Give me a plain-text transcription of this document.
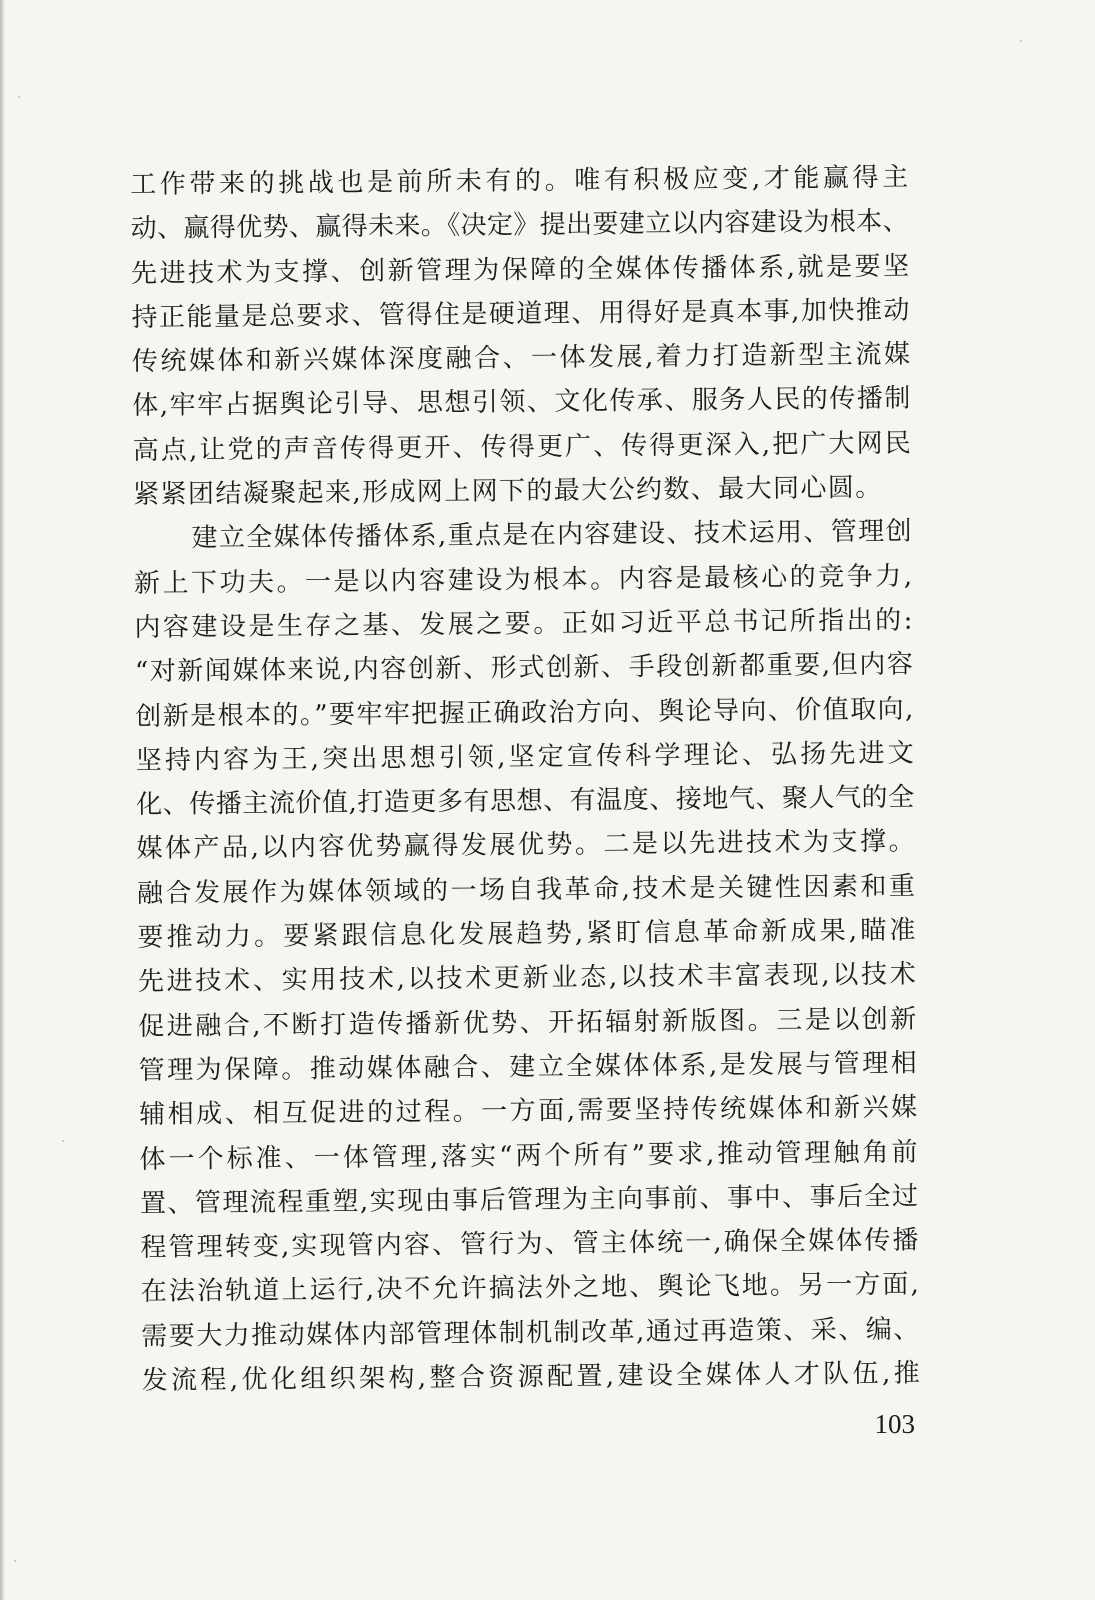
工作带来的挑战也是前所未有的。唯有积极应变,才能赢得主
动、赢得优势、赢得未来。《决定》提出要建立以内容建设为根本、
先进技术为支撑、创新管理为保障的全媒体传播体系,就是要坚
持正能量是总要求、管得住是硬道理、用得好是真本事,加快推动
传统媒体和新兴媒体深度融合、一体发展,着力打造新型主流媒
体,牢牢占据舆论引导、思想引领、文化传承、服务人民的传播制
高点,让党的声音传得更开、传得更广、传得更深入,把广大网民
紧紧团结凝聚起来,形成网上网下的最大公约数、最大同心圆。
建立全媒体传播体系,重点是在内容建设、技术运用、管理创
新上下功夫。一是以内容建设为根本。内容是最核心的竞争力,
内容建设是生存之基、发展之要。正如习近平总书记所指出的:
“对新闻媒体来说,内容创新、形式创新、手段创新都重要,但内容
创新是根本的。”要牢牢把握正确政治方向、舆论导向、价值取向,
坚持内容为王,突出思想引领,坚定宣传科学理论、弘扬先进文
化、传播主流价值,打造更多有思想、有温度、接地气、聚人气的全
媒体产品,以内容优势赢得发展优势。二是以先进技术为支撑。
融合发展作为媒体领域的一场自我革命,技术是关键性因素和重
要推动力。要紧跟信息化发展趋势,紧盯信息革命新成果,瞄准
先进技术、实用技术,以技术更新业态,以技术丰富表现,以技术
促进融合,不断打造传播新优势、开拓辐射新版图。三是以创新
管理为保障。推动媒体融合、建立全媒体体系,是发展与管理相
辅相成、相互促进的过程。一方面,需要坚持传统媒体和新兴媒
体一个标准、一体管理,落实“两个所有”要求,推动管理触角前
置、管理流程重塑,实现由事后管理为主向事前、事中、事后全过
程管理转变,实现管内容、管行为、管主体统一,确保全媒体传播
在法治轨道上运行,决不允许搞法外之地、舆论飞地。另一方面,
需要大力推动媒体内部管理体制机制改革,通过再造策、采、编、
发流程,优化组织架构,整合资源配置,建设全媒体人才队伍,推
103
